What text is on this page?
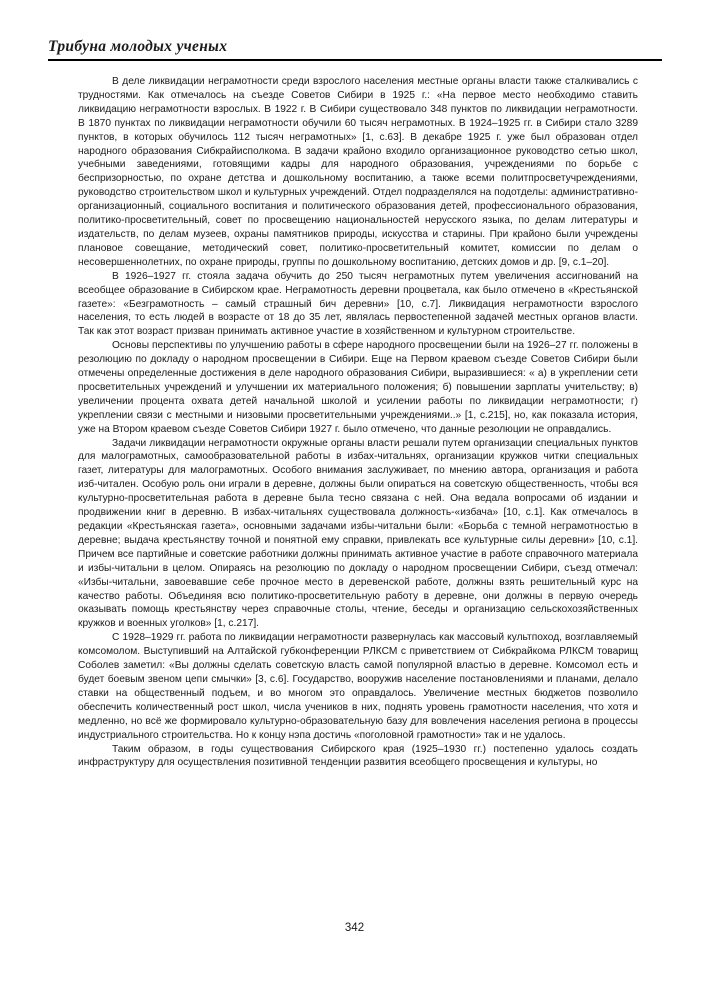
Трибуна молодых ученых

В деле ликвидации неграмотности среди взрослого населения местные органы власти также сталкивались с трудностями. Как отмечалось на съезде Советов Сибири в 1925 г.: «На первое место необходимо ставить ликвидацию неграмотности взрослых. В 1922 г. В Сибири существовало 348 пунктов по ликвидации неграмотности. В 1870 пунктах по ликвидации неграмотности обучили 60 тысяч неграмотных. В 1924–1925 гг. в Сибири стало 3289 пунктов, в которых обучилось 112 тысяч неграмотных» [1, с.63]. В декабре 1925 г. уже был образован отдел народного образования Сибкрайисполкома. В задачи крайоно входило организационное руководство сетью школ, учебными заведениями, готовящими кадры для народного образования, учреждениями по борьбе с беспризорностью, по охране детства и дошкольному воспитанию, а также всеми политпросветучреждениями, руководство строительством школ и культурных учреждений. Отдел подразделялся на подотделы: административно-организационный, социального воспитания и политического образования детей, профессионального образования, политико-просветительный, совет по просвещению национальностей нерусского языка, по делам литературы и издательств, по делам музеев, охраны памятников природы, искусства и старины. При крайоно были учреждены плановое совещание, методический совет, политико-просветительный комитет, комиссии по делам о несовершеннолетних, по охране природы, группы по дошкольному воспитанию, детских домов и др. [9, с.1–20].

В 1926–1927 гг. стояла задача обучить до 250 тысяч неграмотных путем увеличения ассигнований на всеобщее образование в Сибирском крае. Неграмотность деревни процветала, как было отмечено в «Крестьянской газете»: «Безграмотность – самый страшный бич деревни» [10, с.7]. Ликвидация неграмотности взрослого населения, то есть людей в возрасте от 18 до 35 лет, являлась первостепенной задачей местных органов власти. Так как этот возраст призван принимать активное участие в хозяйственном и культурном строительстве.

Основы перспективы по улучшению работы в сфере народного просвещении были на 1926–27 гг. положены в резолюцию по докладу о народном просвещении в Сибири. Еще на Первом краевом съезде Советов Сибири были отмечены определенные достижения в деле народного образования Сибири, выразившиеся: « а) в укреплении сети просветительных учреждений и улучшении их материального положения; б) повышении зарплаты учительству; в) увеличении процента охвата детей начальной школой и усилении работы по ликвидации неграмотности; г) укреплении связи с местными и низовыми просветительными учреждениями..» [1, с.215], но, как показала история, уже на Втором краевом съезде Советов Сибири 1927 г. было отмечено, что данные резолюции не оправдались.

Задачи ликвидации неграмотности окружные органы власти решали путем организации специальных пунктов для малограмотных, самообразовательной работы в избах-читальнях, организации кружков читки специальных газет, литературы для малограмотных. Особого внимания заслуживает, по мнению автора, организация и работа изб-читален. Особую роль они играли в деревне, должны были опираться на советскую общественность, чтобы вся культурно-просветительная работа в деревне была тесно связана с ней. Она ведала вопросами об издании и продвижении книг в деревню. В избах-читальнях существовала должность-«избача» [10, с.1]. Как отмечалось в редакции «Крестьянская газета», основными задачами избы-читальни были: «Борьба с темной неграмотностью в деревне; выдача крестьянству точной и понятной ему справки, привлекать все культурные силы деревни» [10, с.1]. Причем все партийные и советские работники должны принимать активное участие в работе справочного материала и избы-читальни в целом. Опираясь на резолюцию по докладу о народном просвещении Сибири, съезд отмечал: «Избы-читальни, завоевавшие себе прочное место в деревенской работе, должны взять решительный курс на качество работы. Объединяя всю политико-просветительную работу в деревне, они должны в первую очередь оказывать помощь крестьянству через справочные столы, чтение, беседы и организацию сельскохозяйственных кружков и военных уголков» [1, с.217].

С 1928–1929 гг. работа по ликвидации неграмотности развернулась как массовый культпоход, возглавляемый комсомолом. Выступивший на Алтайской губконференции РЛКСМ с приветствием от Сибкрайкома РЛКСМ товарищ Соболев заметил: «Вы должны сделать советскую власть самой популярной властью в деревне. Комсомол есть и будет боевым звеном цепи смычки» [3, с.6]. Государство, вооружив население постановлениями и планами, делало ставки на общественный подъем, и во многом это оправдалось. Увеличение местных бюджетов позволило обеспечить количественный рост школ, числа учеников в них, поднять уровень грамотности населения, что хотя и медленно, но всё же формировало культурно-образовательную базу для вовлечения населения региона в процессы индустриального строительства. Но к концу нэпа достичь «поголовной грамотности» так и не удалось.

Таким образом, в годы существования Сибирского края (1925–1930 гг.) постепенно удалось создать инфраструктуру для осуществления позитивной тенденции развития всеобщего просвещения и культуры, но

342
